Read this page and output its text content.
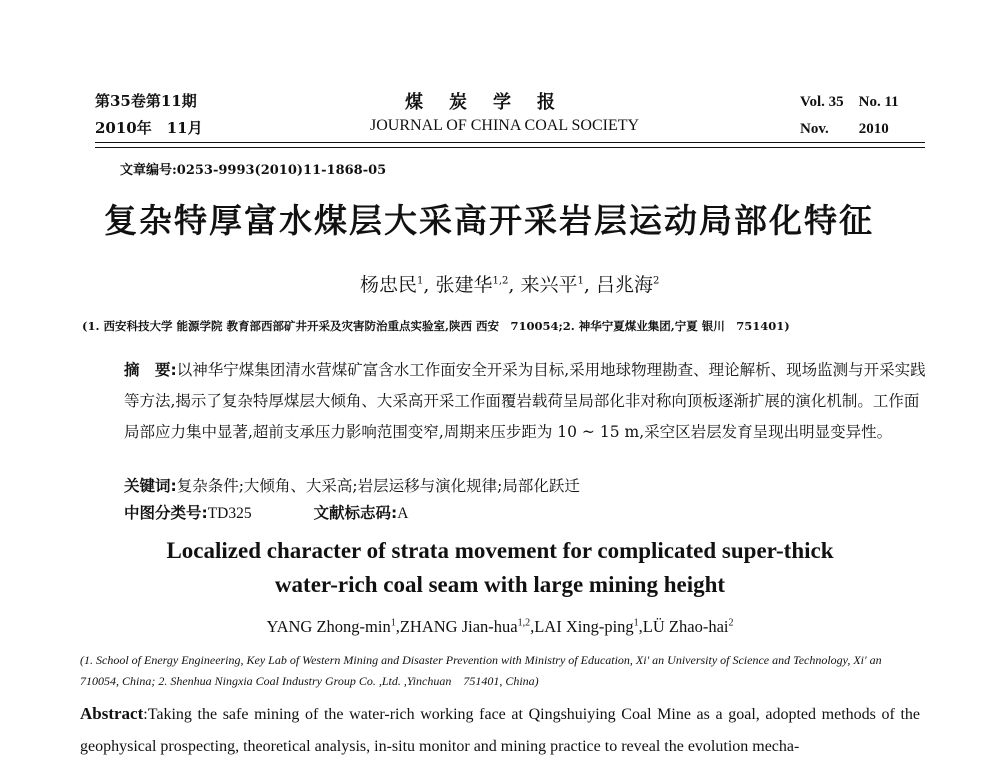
第35卷第11期
2010年　11月
煤炭学报
JOURNAL OF CHINA COAL SOCIETY
Vol. 35　No. 11
Nov.　　2010
文章编号:0253-9993(2010)11-1868-05
复杂特厚富水煤层大采高开采岩层运动局部化特征
杨忠民$^1$, 张建华$^{1,2}$, 来兴平$^1$, 吕兆海$^2$
(1. 西安科技大学 能源学院 教育部西部矿井开采及灾害防治重点实验室,陕西 西安　710054;2. 神华宁夏煤业集团,宁夏 银川　751401)
摘　要:以神华宁煤集团清水营煤矿富含水工作面安全开采为目标,采用地球物理勘查、理论解析、现场监测与开采实践等方法,揭示了复杂特厚煤层大倾角、大采高开采工作面覆岩载荷呈局部化非对称向顶板逐渐扩展的演化机制。工作面局部应力集中显著,超前支承压力影响范围变窄,周期来压步距为 10 ~ 15 m,采空区岩层发育呈现出明显变异性。
关键词:复杂条件;大倾角、大采高;岩层运移与演化规律;局部化跃迁
中图分类号:TD325	文献标志码:A
Localized character of strata movement for complicated super-thick
water-rich coal seam with large mining height
YANG Zhong-$\min^1,ZHANG$ Jian-hua$^{1,2}$,LAI Xing-ping$^1$,LÜ Zhao-hai$^2$
(1. School of Energy Engineering, Key Lab of Western Mining and Disaster Prevention with Ministry of Education, Xi' an University of Science and Technology, Xi' an　710054, China; 2. Shenhua Ningxia Coal Industry Group Co. ,Ltd. ,Yinchuan　751401, China)
Abstract:Taking the safe mining of the water-rich working face at Qingshuiying Coal Mine as a goal, adopted methods of the geophysical prospecting, theoretical analysis, in-situ monitor and mining practice to reveal the evolution mecha-
